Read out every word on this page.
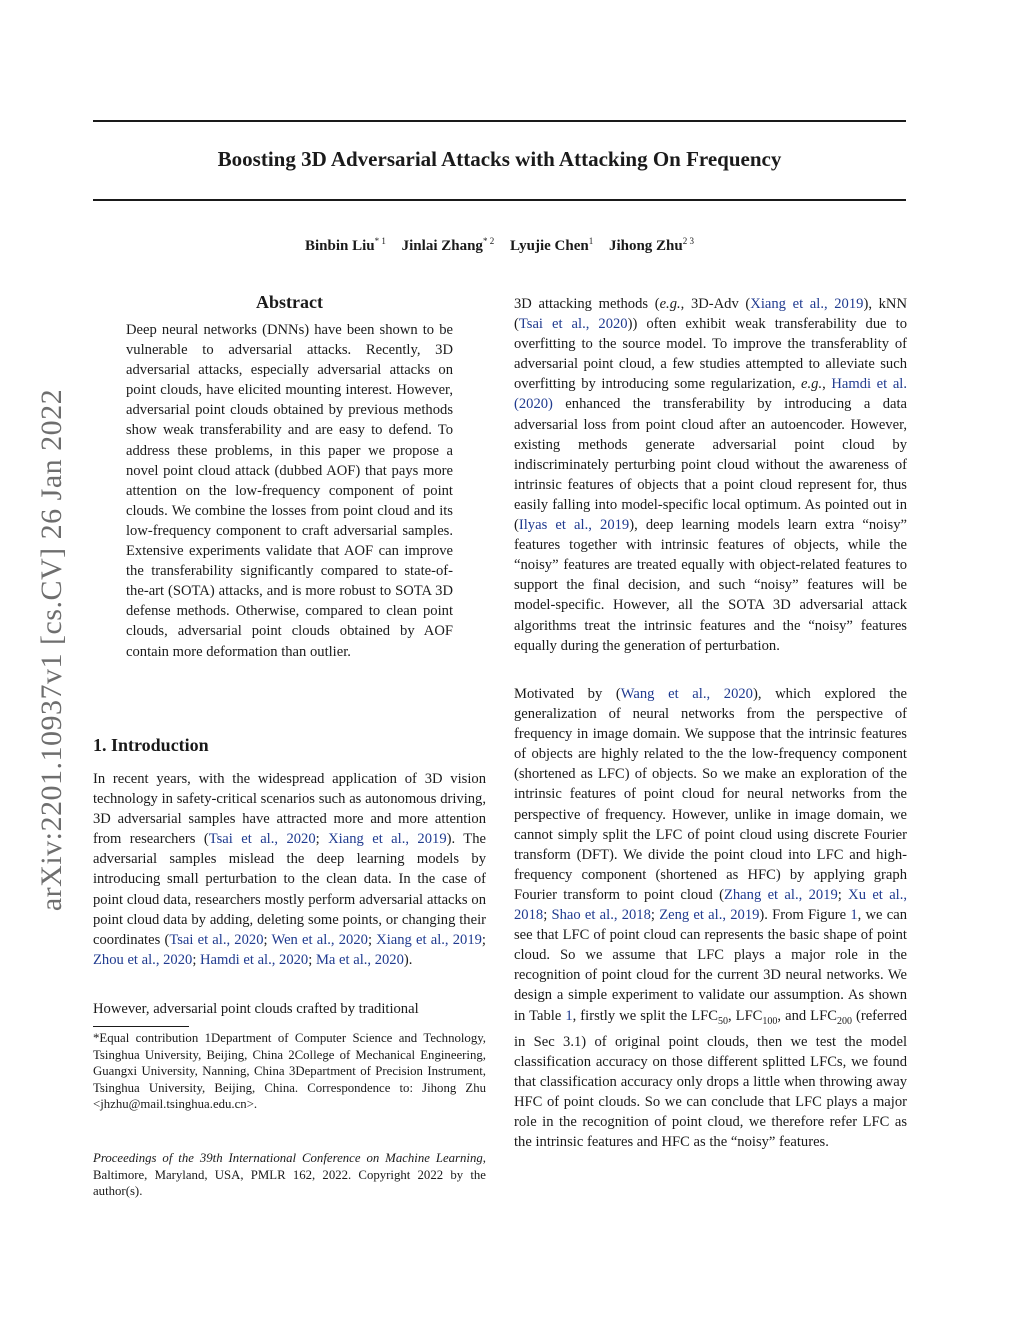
Boosting 3D Adversarial Attacks with Attacking On Frequency
Binbin Liu$^{* 1}$ Jinlai Zhang$^{* 2}$ Lyujie Chen$^1$ Jihong Zhu$^{2 3}$
arXiv:2201.10937v1 [cs.CV] 26 Jan 2022
Abstract

Deep neural networks (DNNs) have been shown to be vulnerable to adversarial attacks. Recently, 3D adversarial attacks, especially adversarial attacks on point clouds, have elicited mounting interest. However, adversarial point clouds obtained by previous methods show weak transferability and are easy to defend. To address these problems, in this paper we propose a novel point cloud attack (dubbed AOF) that pays more attention on the low-frequency component of point clouds. We combine the losses from point cloud and its low-frequency component to craft adversarial samples. Extensive experiments validate that AOF can improve the transferability significantly compared to state-of-the-art (SOTA) attacks, and is more robust to SOTA 3D defense methods. Otherwise, compared to clean point clouds, adversarial point clouds obtained by AOF contain more deformation than outlier.

1. Introduction

In recent years, with the widespread application of 3D vision technology in safety-critical scenarios such as autonomous driving, 3D adversarial samples have attracted more and more attention from researchers (Tsai et al., 2020; Xiang et al., 2019). The adversarial samples mislead the deep learning models by introducing small perturbation to the clean data. In the case of point cloud data, researchers mostly perform adversarial attacks on point cloud data by adding, deleting some points, or changing their coordinates (Tsai et al., 2020; Wen et al., 2020; Xiang et al., 2019; Zhou et al., 2020; Hamdi et al., 2020; Ma et al., 2020).

However, adversarial point clouds crafted by traditional

*Equal contribution 1Department of Computer Science and Technology, Tsinghua University, Beijing, China 2College of Mechanical Engineering, Guangxi University, Nanning, China 3Department of Precision Instrument, Tsinghua University, Beijing, China. Correspondence to: Jihong Zhu <jhzhu@mail.tsinghua.edu.cn>.

Proceedings of the 39th International Conference on Machine Learning, Baltimore, Maryland, USA, PMLR 162, 2022. Copyright 2022 by the author(s).

3D attacking methods (e.g., 3D-Adv (Xiang et al., 2019), kNN (Tsai et al., 2020)) often exhibit weak transferability due to overfitting to the source model. To improve the transferablity of adversarial point cloud, a few studies attempted to alleviate such overfitting by introducing some regularization, e.g., Hamdi et al. (2020) enhanced the transferability by introducing a data adversarial loss from point cloud after an autoencoder. However, existing methods generate adversarial point cloud by indiscriminately perturbing point cloud without the awareness of intrinsic features of objects that a point cloud represent for, thus easily falling into model-specific local optimum. As pointed out in (Ilyas et al., 2019), deep learning models learn extra “noisy” features together with intrinsic features of objects, while the “noisy” features are treated equally with object-related features to support the final decision, and such “noisy” features will be model-specific. However, all the SOTA 3D adversarial attack algorithms treat the intrinsic features and the “noisy” features equally during the generation of perturbation.

Motivated by (Wang et al., 2020), which explored the generalization of neural networks from the perspective of frequency in image domain. We suppose that the intrinsic features of objects are highly related to the the low-frequency component (shortened as LFC) of objects. So we make an exploration of the intrinsic features of point cloud for neural networks from the perspective of frequency. However, unlike in image domain, we cannot simply split the LFC of point cloud using discrete Fourier transform (DFT). We divide the point cloud into LFC and high-frequency component (shortened as HFC) by applying graph Fourier transform to point cloud (Zhang et al., 2019; Xu et al., 2018; Shao et al., 2018; Zeng et al., 2019). From Figure 1, we can see that LFC of point cloud can represents the basic shape of point cloud. So we assume that LFC plays a major role in the recognition of point cloud for the current 3D neural networks. We design a simple experiment to validate our assumption. As shown in Table 1, firstly we split the $LFC_{50}$, $LFC_{100}$, and $LFC_{200}$ (referred in Sec 3.1) of original point clouds, then we test the model classification accuracy on those different splitted LFCs, we found that classification accuracy only drops a little when throwing away HFC of point clouds. So we can conclude that LFC plays a major role in the recognition of point cloud, we therefore refer LFC as the intrinsic features and HFC as the “noisy” features.
